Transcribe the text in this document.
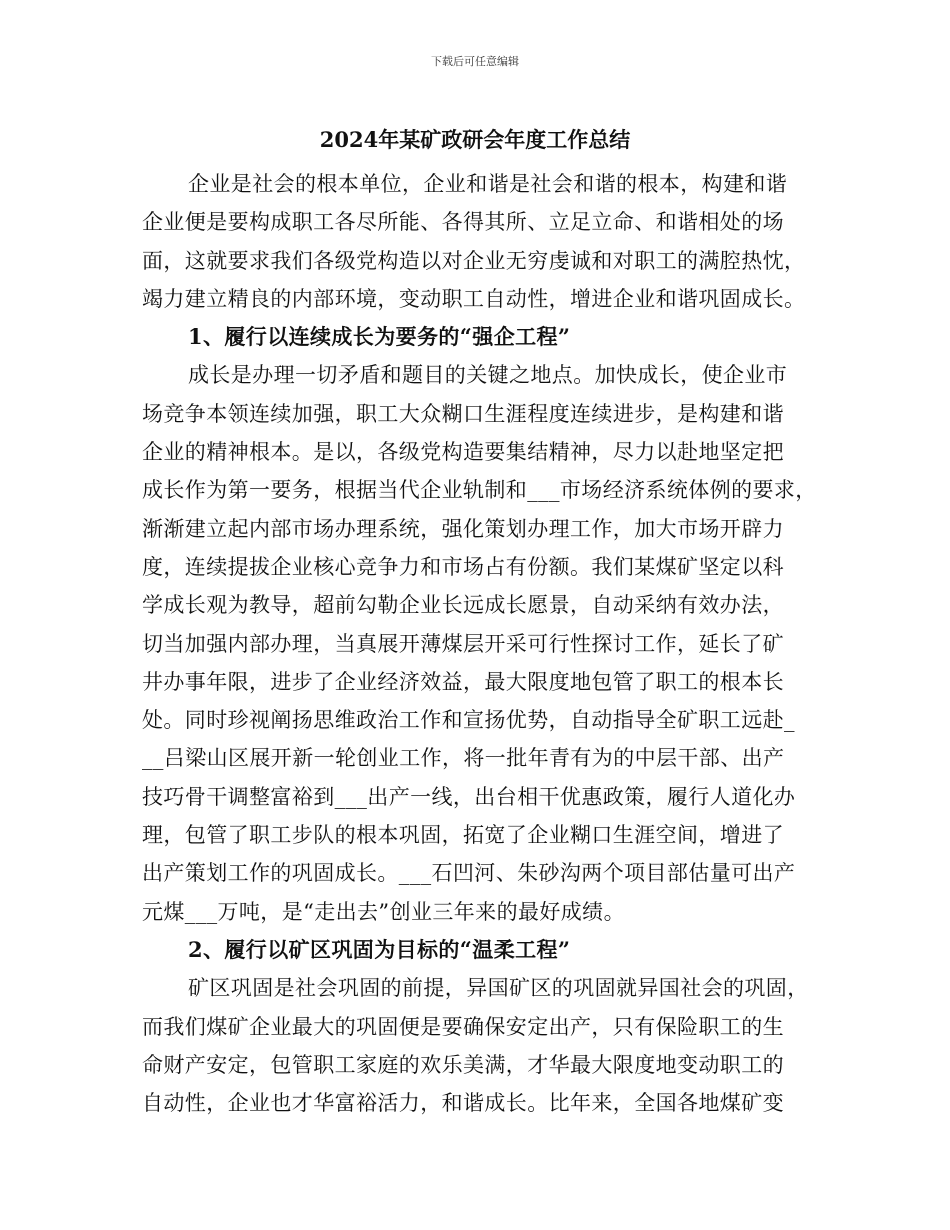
下载后可任意编辑
2024年某矿政研会年度工作总结
企业是社会的根本单位，企业和谐是社会和谐的根本，构建和谐
企业便是要构成职工各尽所能、各得其所、立足立命、和谐相处的场
面，这就要求我们各级党构造以对企业无穷虔诚和对职工的满腔热忱，
竭力建立精良的内部环境，变动职工自动性，增进企业和谐巩固成长。
1、履行以连续成长为要务的“强企工程”
成长是办理一切矛盾和题目的关键之地点。加快成长，使企业市
场竞争本领连续加强，职工大众糊口生涯程度连续进步，是构建和谐
企业的精神根本。是以，各级党构造要集结精神，尽力以赴地坚定把
成长作为第一要务，根据当代企业轨制和___市场经济系统体例的要求，
渐渐建立起内部市场办理系统，强化策划办理工作，加大市场开辟力
度，连续提拔企业核心竞争力和市场占有份额。我们某煤矿坚定以科
学成长观为教导，超前勾勒企业长远成长愿景，自动采纳有效办法，
切当加强内部办理，当真展开薄煤层开采可行性探讨工作，延长了矿
井办事年限，进步了企业经济效益，最大限度地包管了职工的根本长
处。同时珍视阐扬思维政治工作和宣扬优势，自动指导全矿职工远赴_
__吕梁山区展开新一轮创业工作，将一批年青有为的中层干部、出产
技巧骨干调整富裕到___出产一线，出台相干优惠政策，履行人道化办
理，包管了职工步队的根本巩固，拓宽了企业糊口生涯空间，增进了
出产策划工作的巩固成长。___石凹河、朱砂沟两个项目部估量可出产
元煤___万吨，是“走出去”创业三年来的最好成绩。
2、履行以矿区巩固为目标的“温柔工程”
矿区巩固是社会巩固的前提，异国矿区的巩固就异国社会的巩固，
而我们煤矿企业最大的巩固便是要确保安定出产，只有保险职工的生
命财产安定，包管职工家庭的欢乐美满，才华最大限度地变动职工的
自动性，企业也才华富裕活力，和谐成长。比年来，全国各地煤矿变
